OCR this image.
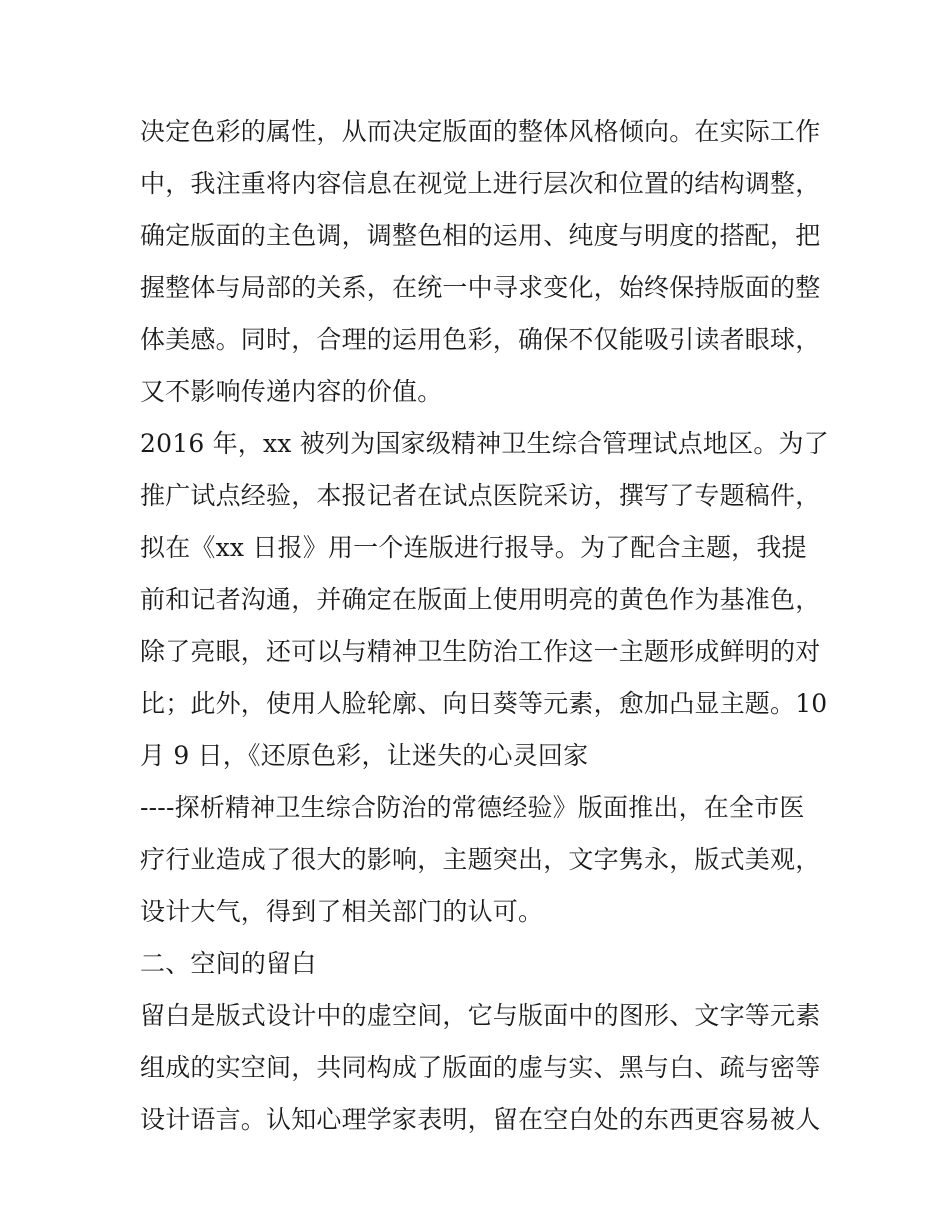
决定色彩的属性，从而决定版面的整体风格倾向。在实际工作
中，我注重将内容信息在视觉上进行层次和位置的结构调整，
确定版面的主色调，调整色相的运用、纯度与明度的搭配，把
握整体与局部的关系，在统一中寻求变化，始终保持版面的整
体美感。同时，合理的运用色彩，确保不仅能吸引读者眼球，
又不影响传递内容的价值。
2016 年，xx 被列为国家级精神卫生综合管理试点地区。为了
推广试点经验，本报记者在试点医院采访，撰写了专题稿件，
拟在《xx 日报》用一个连版进行报导。为了配合主题，我提
前和记者沟通，并确定在版面上使用明亮的黄色作为基准色，
除了亮眼，还可以与精神卫生防治工作这一主题形成鲜明的对
比；此外，使用人脸轮廓、向日葵等元素，愈加凸显主题。10
月 9 日，《还原色彩，让迷失的心灵回家
----探析精神卫生综合防治的常德经验》版面推出，在全市医
疗行业造成了很大的影响，主题突出，文字隽永，版式美观，
设计大气，得到了相关部门的认可。
二、空间的留白
留白是版式设计中的虚空间，它与版面中的图形、文字等元素
组成的实空间，共同构成了版面的虚与实、黑与白、疏与密等
设计语言。认知心理学家表明，留在空白处的东西更容易被人
